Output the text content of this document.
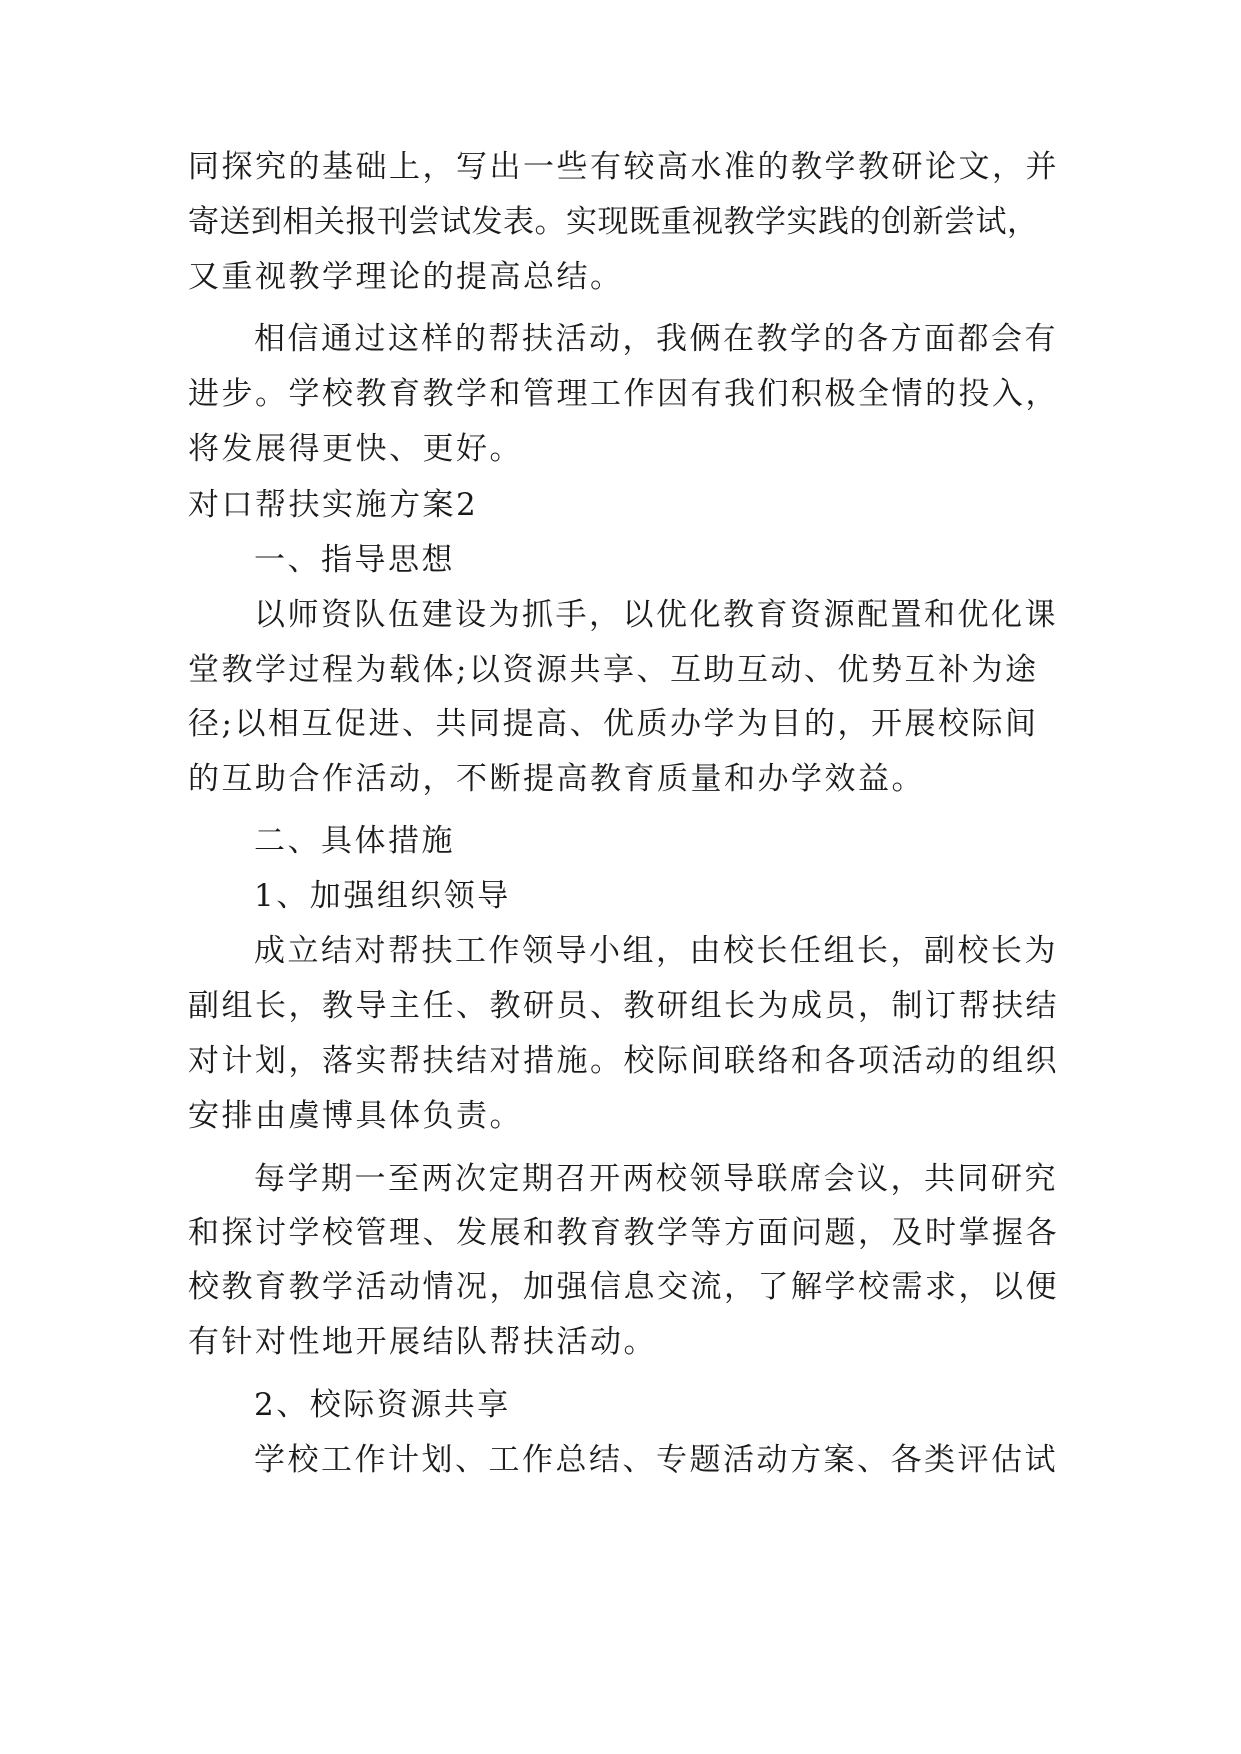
同探究的基础上，写出一些有较高水准的教学教研论文，并
寄送到相关报刊尝试发表。实现既重视教学实践的创新尝试，
又重视教学理论的提高总结。
相信通过这样的帮扶活动，我俩在教学的各方面都会有
进步。学校教育教学和管理工作因有我们积极全情的投入，
将发展得更快、更好。
对口帮扶实施方案2
一、指导思想
以师资队伍建设为抓手，以优化教育资源配置和优化课
堂教学过程为载体;以资源共享、互助互动、优势互补为途
径;以相互促进、共同提高、优质办学为目的，开展校际间
的互助合作活动，不断提高教育质量和办学效益。
二、具体措施
1、加强组织领导
成立结对帮扶工作领导小组，由校长任组长，副校长为
副组长，教导主任、教研员、教研组长为成员，制订帮扶结
对计划，落实帮扶结对措施。校际间联络和各项活动的组织
安排由虞博具体负责。
每学期一至两次定期召开两校领导联席会议，共同研究
和探讨学校管理、发展和教育教学等方面问题，及时掌握各
校教育教学活动情况，加强信息交流，了解学校需求，以便
有针对性地开展结队帮扶活动。
2、校际资源共享
学校工作计划、工作总结、专题活动方案、各类评估试
